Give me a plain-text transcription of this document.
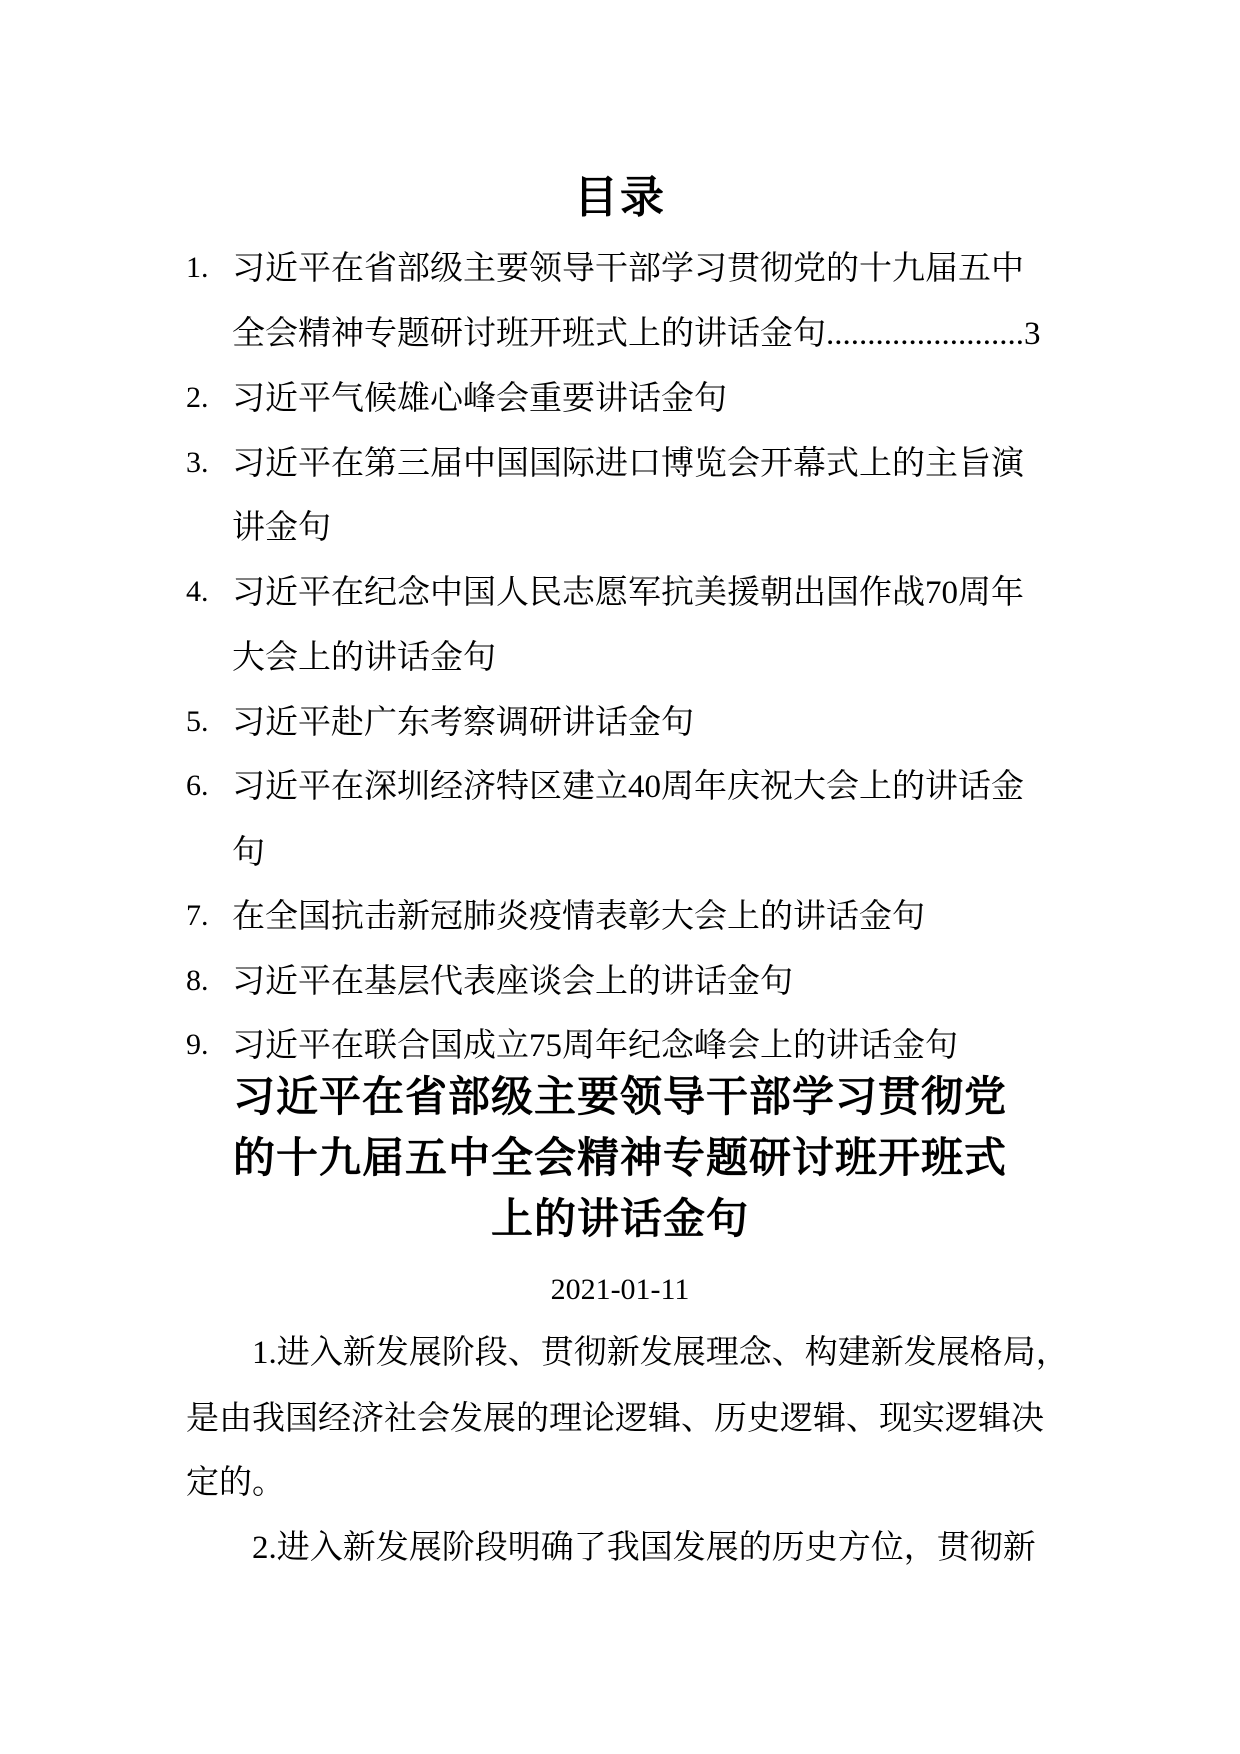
目录
1. 习近平在省部级主要领导干部学习贯彻党的十九届五中
全会精神专题研讨班开班式上的讲话金句........................3
2. 习近平气候雄心峰会重要讲话金句
3. 习近平在第三届中国国际进口博览会开幕式上的主旨演
讲金句
4. 习近平在纪念中国人民志愿军抗美援朝出国作战70周年
大会上的讲话金句
5. 习近平赴广东考察调研讲话金句
6. 习近平在深圳经济特区建立40周年庆祝大会上的讲话金
句
7. 在全国抗击新冠肺炎疫情表彰大会上的讲话金句
8. 习近平在基层代表座谈会上的讲话金句
9. 习近平在联合国成立75周年纪念峰会上的讲话金句
习近平在省部级主要领导干部学习贯彻党
的十九届五中全会精神专题研讨班开班式
上的讲话金句
2021-01-11

1.进入新发展阶段、贯彻新发展理念、构建新发展格局，是由我国经济社会发展的理论逻辑、历史逻辑、现实逻辑决定的。

2.进入新发展阶段明确了我国发展的历史方位，贯彻新
